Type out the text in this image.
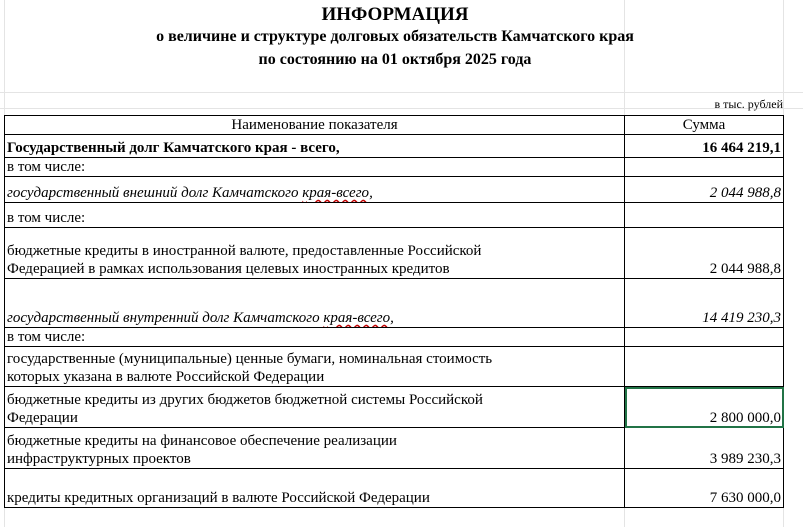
ИНФОРМАЦИЯ
о величине и структуре долговых обязательств Камчатского края
по состоянию на 01 октября 2025 года
в тыс. рублей
Наименование показателя	Сумма
Государственный долг Камчатского края - всего,	16 464 219,1
в том числе:	
государственный внешний долг Камчатского края-всего,	2 044 988,8
в том числе:	

бюджетные кредиты в иностранной валюте, предоставленные Российской
Федерацией в рамках использования целевых иностранных кредитов	2 044 988,8
государственный внутренний долг Камчатского края-всего,	14 419 230,3
в том числе:	

государственные (муниципальные) ценные бумаги, номинальная стоимость
которых указана в валюте Российской Федерации	

бюджетные кредиты из других бюджетов бюджетной системы Российской
Федерации	2 800 000,0

бюджетные кредиты на финансовое обеспечение реализации
инфраструктурных проектов	3 989 230,3
кредиты кредитных организаций в валюте Российской Федерации	7 630 000,0
